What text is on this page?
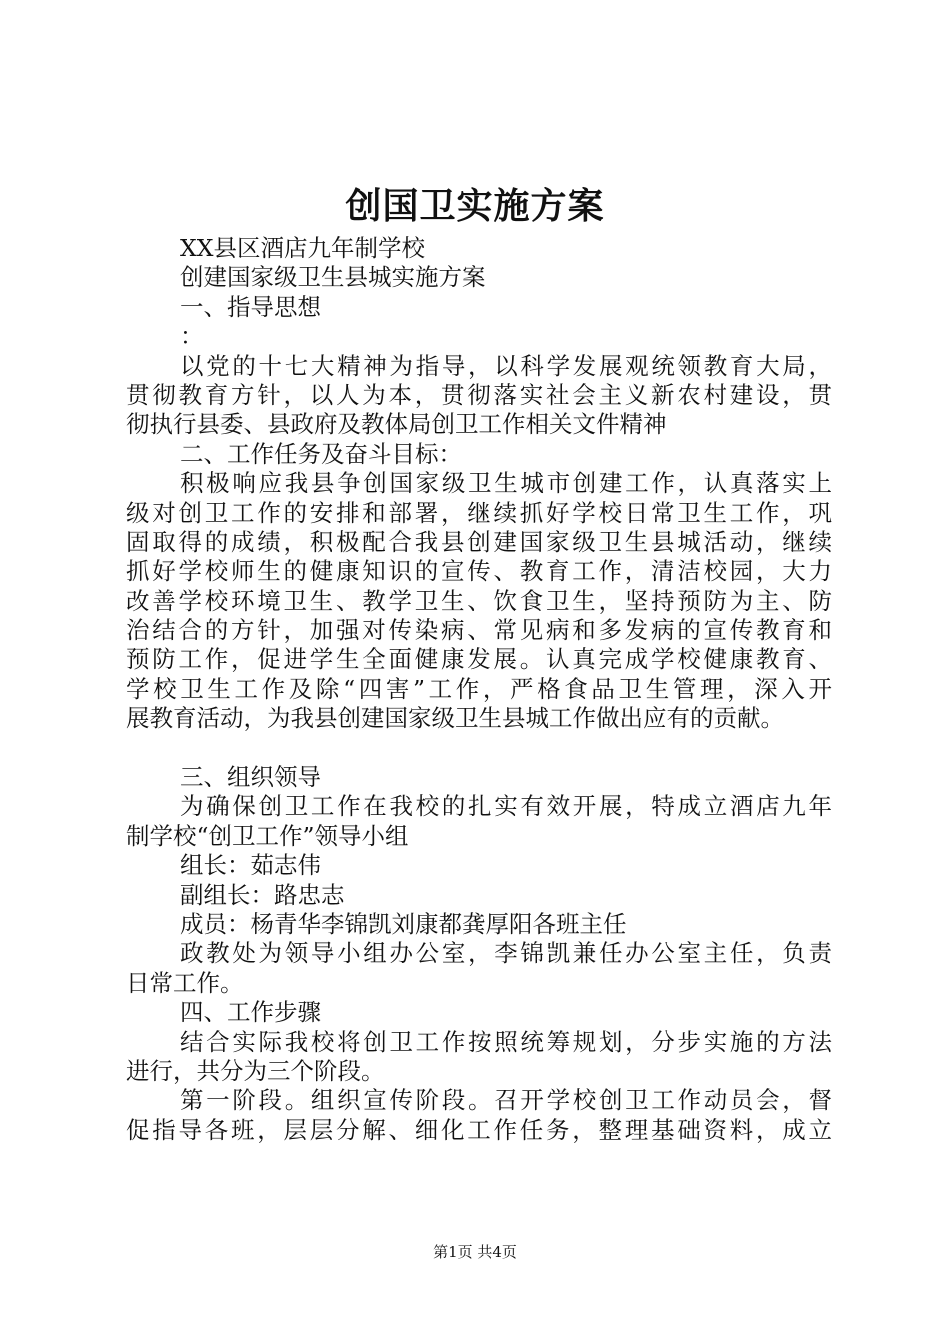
创国卫实施方案
XX县区酒店九年制学校
创建国家级卫生县城实施方案
一、指导思想
：
以党的十七大精神为指导，以科学发展观统领教育大局，
贯彻教育方针，以人为本，贯彻落实社会主义新农村建设，贯
彻执行县委、县政府及教体局创卫工作相关文件精神
二、工作任务及奋斗目标：
积极响应我县争创国家级卫生城市创建工作，认真落实上
级对创卫工作的安排和部署，继续抓好学校日常卫生工作，巩
固取得的成绩，积极配合我县创建国家级卫生县城活动，继续
抓好学校师生的健康知识的宣传、教育工作，清洁校园，大力
改善学校环境卫生、教学卫生、饮食卫生，坚持预防为主、防
治结合的方针，加强对传染病、常见病和多发病的宣传教育和
预防工作，促进学生全面健康发展。认真完成学校健康教育、
学校卫生工作及除“四害”工作，严格食品卫生管理，深入开
展教育活动，为我县创建国家级卫生县城工作做出应有的贡献。
三、组织领导
为确保创卫工作在我校的扎实有效开展，特成立酒店九年
制学校“创卫工作”领导小组
组长：茹志伟
副组长：路忠志
成员：杨青华李锦凯刘康都龚厚阳各班主任
政教处为领导小组办公室，李锦凯兼任办公室主任，负责
日常工作。
四、工作步骤
结合实际我校将创卫工作按照统筹规划，分步实施的方法
进行，共分为三个阶段。
第一阶段。组织宣传阶段。召开学校创卫工作动员会，督
促指导各班，层层分解、细化工作任务，整理基础资料，成立
第1页 共4页
